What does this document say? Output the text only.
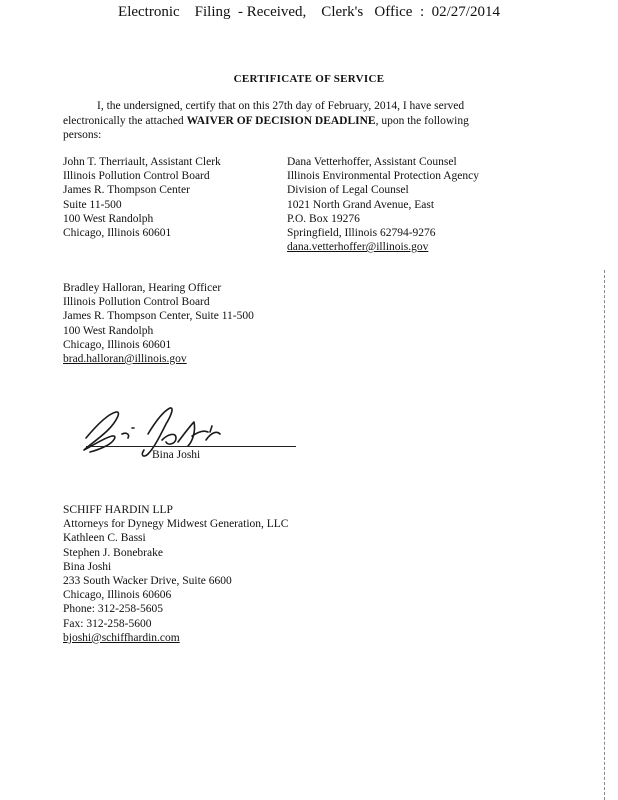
Electronic    Filing  - Received,    Clerk's   Office  :  02/27/2014
CERTIFICATE OF SERVICE
I, the undersigned, certify that on this 27th day of February, 2014, I have served electronically the attached WAIVER OF DECISION DEADLINE, upon the following persons:
John T. Therriault, Assistant Clerk
Illinois Pollution Control Board
James R. Thompson Center
Suite 11-500
100 West Randolph
Chicago, Illinois 60601
Dana Vetterhoffer, Assistant Counsel
Illinois Environmental Protection Agency
Division of Legal Counsel
1021 North Grand Avenue, East
P.O. Box 19276
Springfield, Illinois 62794-9276
dana.vetterhoffer@illinois.gov
Bradley Halloran, Hearing Officer
Illinois Pollution Control Board
James R. Thompson Center, Suite 11-500
100 West Randolph
Chicago, Illinois 60601
brad.halloran@illinois.gov
Bina Joshi
SCHIFF HARDIN LLP
Attorneys for Dynegy Midwest Generation, LLC
Kathleen C. Bassi
Stephen J. Bonebrake
Bina Joshi
233 South Wacker Drive, Suite 6600
Chicago, Illinois 60606
Phone: 312-258-5605
Fax: 312-258-5600
bjoshi@schiffhardin.com
